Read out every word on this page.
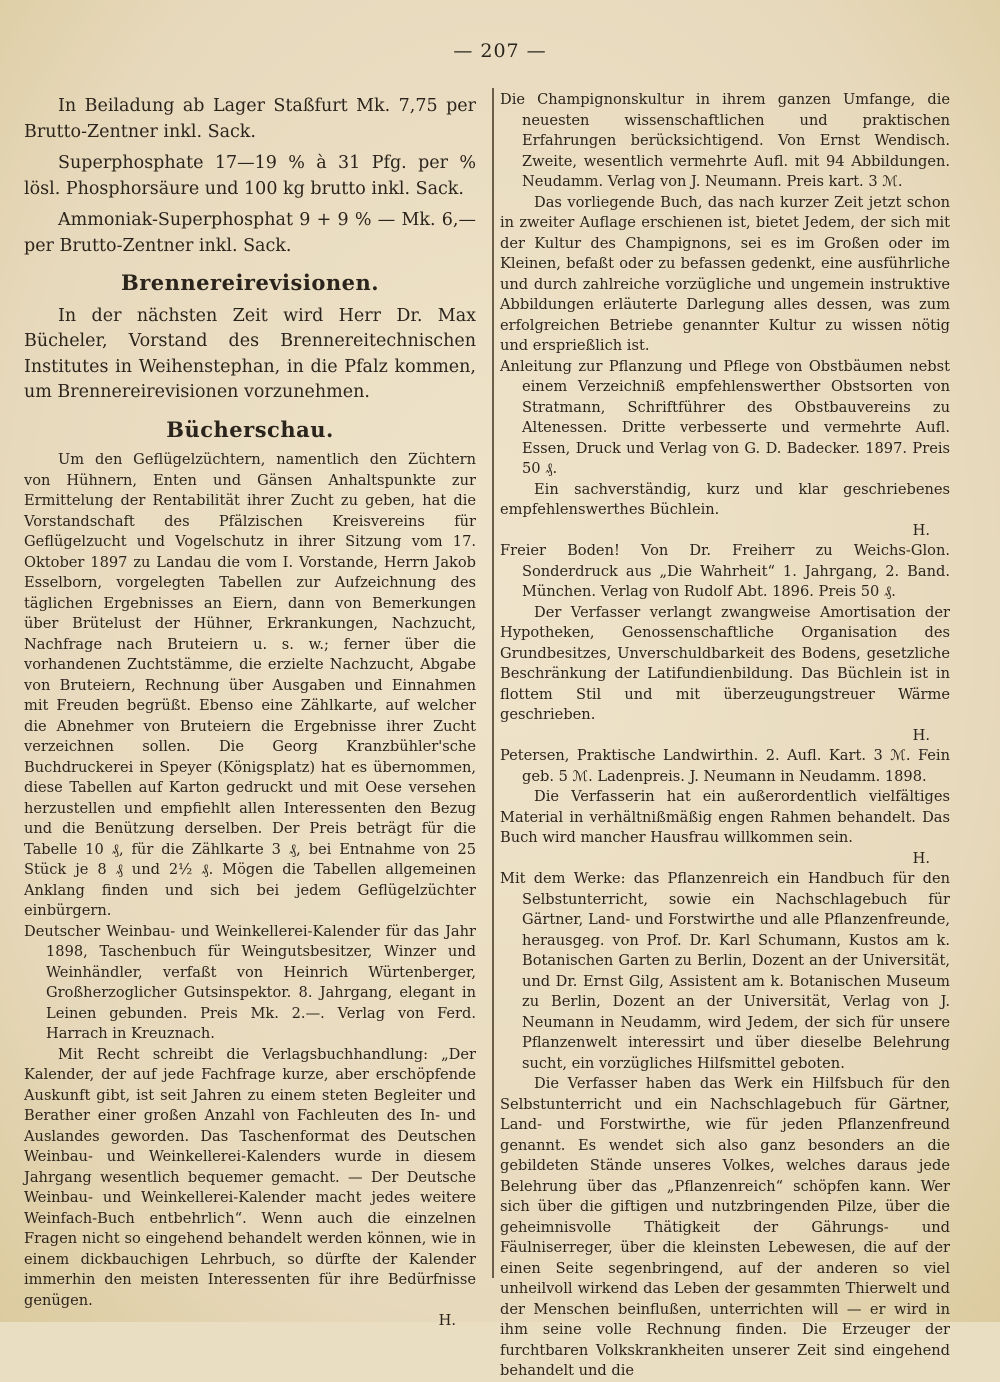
— 207 —

In Beiladung ab Lager Staßfurt Mk. 7,75 per Brutto-Zentner inkl. Sack.

Superphosphate 17—19 % à 31 Pfg. per % lösl. Phosphorsäure und 100 kg brutto inkl. Sack.

Ammoniak-Superphosphat 9 + 9 % — Mk. 6,— per Brutto-Zentner inkl. Sack.

Brennereirevisionen.

In der nächsten Zeit wird Herr Dr. Max Bücheler, Vorstand des Brennereitechnischen Institutes in Weihenstephan, in die Pfalz kommen, um Brennereirevisionen vorzunehmen.

Bücherschau.

Um den Geflügelzüchtern, namentlich den Züchtern von Hühnern, Enten und Gänsen Anhaltspunkte zur Ermittelung der Rentabilität ihrer Zucht zu geben, hat die Vorstandschaft des Pfälzischen Kreisvereins für Geflügelzucht und Vogelschutz in ihrer Sitzung vom 17. Oktober 1897 zu Landau die vom I. Vorstande, Herrn Jakob Esselborn, vorgelegten Tabellen zur Aufzeichnung des täglichen Ergebnisses an Eiern, dann von Bemerkungen über Brütelust der Hühner, Erkrankungen, Nachzucht, Nachfrage nach Bruteiern u. s. w.; ferner über die vorhandenen Zuchtstämme, die erzielte Nachzucht, Abgabe von Bruteiern, Rechnung über Ausgaben und Einnahmen mit Freuden begrüßt. Ebenso eine Zählkarte, auf welcher die Abnehmer von Bruteiern die Ergebnisse ihrer Zucht verzeichnen sollen. Die Georg Kranzbühler'sche Buchdruckerei in Speyer (Königsplatz) hat es übernommen, diese Tabellen auf Karton gedruckt und mit Oese versehen herzustellen und empfiehlt allen Interessenten den Bezug und die Benützung derselben. Der Preis beträgt für die Tabelle 10 ₰, für die Zählkarte 3 ₰, bei Entnahme von 25 Stück je 8 ₰ und 2½ ₰. Mögen die Tabellen allgemeinen Anklang finden und sich bei jedem Geflügelzüchter einbürgern.

Deutscher Weinbau- und Weinkellerei-Kalender für das Jahr 1898, Taschenbuch für Weingutsbesitzer, Winzer und Weinhändler, verfaßt von Heinrich Würtenberger, Großherzoglicher Gutsinspektor. 8. Jahrgang, elegant in Leinen gebunden. Preis Mk. 2.—. Verlag von Ferd. Harrach in Kreuznach.

Mit Recht schreibt die Verlagsbuchhandlung: „Der Kalender, der auf jede Fachfrage kurze, aber erschöpfende Auskunft gibt, ist seit Jahren zu einem steten Begleiter und Berather einer großen Anzahl von Fachleuten des In- und Auslandes geworden. Das Taschenformat des Deutschen Weinbau- und Weinkellerei-Kalenders wurde in diesem Jahrgang wesentlich bequemer gemacht. — Der Deutsche Weinbau- und Weinkellerei-Kalender macht jedes weitere Weinfach-Buch entbehrlich“. Wenn auch die einzelnen Fragen nicht so eingehend behandelt werden können, wie in einem dickbauchigen Lehrbuch, so dürfte der Kalender immerhin den meisten Interessenten für ihre Bedürfnisse genügen.

H.

Die Champignonskultur in ihrem ganzen Umfange, die neuesten wissenschaftlichen und praktischen Erfahrungen berücksichtigend. Von Ernst Wendisch. Zweite, wesentlich vermehrte Aufl. mit 94 Abbildungen. Neudamm. Verlag von J. Neumann. Preis kart. 3 ℳ.

Das vorliegende Buch, das nach kurzer Zeit jetzt schon in zweiter Auflage erschienen ist, bietet Jedem, der sich mit der Kultur des Champignons, sei es im Großen oder im Kleinen, befaßt oder zu befassen gedenkt, eine ausführliche und durch zahlreiche vorzügliche und ungemein instruktive Abbildungen erläuterte Darlegung alles dessen, was zum erfolgreichen Betriebe genannter Kultur zu wissen nötig und ersprießlich ist.

Anleitung zur Pflanzung und Pflege von Obstbäumen nebst einem Verzeichniß empfehlenswerther Obstsorten von Stratmann, Schriftführer des Obstbauvereins zu Altenessen. Dritte verbesserte und vermehrte Aufl. Essen, Druck und Verlag von G. D. Badecker. 1897. Preis 50 ₰.

Ein sachverständig, kurz und klar geschriebenes empfehlenswerthes Büchlein.

H.

Freier Boden! Von Dr. Freiherr zu Weichs-Glon. Sonderdruck aus „Die Wahrheit“ 1. Jahrgang, 2. Band. München. Verlag von Rudolf Abt. 1896. Preis 50 ₰.

Der Verfasser verlangt zwangweise Amortisation der Hypotheken, Genossenschaftliche Organisation des Grundbesitzes, Unverschuldbarkeit des Bodens, gesetzliche Beschränkung der Latifundienbildung. Das Büchlein ist in flottem Stil und mit überzeugungstreuer Wärme geschrieben.

H.

Petersen, Praktische Landwirthin. 2. Aufl. Kart. 3 ℳ. Fein geb. 5 ℳ. Ladenpreis. J. Neumann in Neudamm. 1898.

Die Verfasserin hat ein außerordentlich vielfältiges Material in verhältnißmäßig engen Rahmen behandelt. Das Buch wird mancher Hausfrau willkommen sein.

H.

Mit dem Werke: das Pflanzenreich ein Handbuch für den Selbstunterricht, sowie ein Nachschlagebuch für Gärtner, Land- und Forstwirthe und alle Pflanzenfreunde, herausgeg. von Prof. Dr. Karl Schumann, Kustos am k. Botanischen Garten zu Berlin, Dozent an der Universität, und Dr. Ernst Gilg, Assistent am k. Botanischen Museum zu Berlin, Dozent an der Universität, Verlag von J. Neumann in Neudamm, wird Jedem, der sich für unsere Pflanzenwelt interessirt und über dieselbe Belehrung sucht, ein vorzügliches Hilfsmittel geboten.

Die Verfasser haben das Werk ein Hilfsbuch für den Selbstunterricht und ein Nachschlagebuch für Gärtner, Land- und Forstwirthe, wie für jeden Pflanzenfreund genannt. Es wendet sich also ganz besonders an die gebildeten Stände unseres Volkes, welches daraus jede Belehrung über das „Pflanzenreich“ schöpfen kann. Wer sich über die giftigen und nutzbringenden Pilze, über die geheimnisvolle Thätigkeit der Gährungs- und Fäulniserreger, über die kleinsten Lebewesen, die auf der einen Seite segenbringend, auf der anderen so viel unheilvoll wirkend das Leben der gesammten Thierwelt und der Menschen beinflußen, unterrichten will — er wird in ihm seine volle Rechnung finden. Die Erzeuger der furchtbaren Volkskrankheiten unserer Zeit sind eingehend behandelt und die
